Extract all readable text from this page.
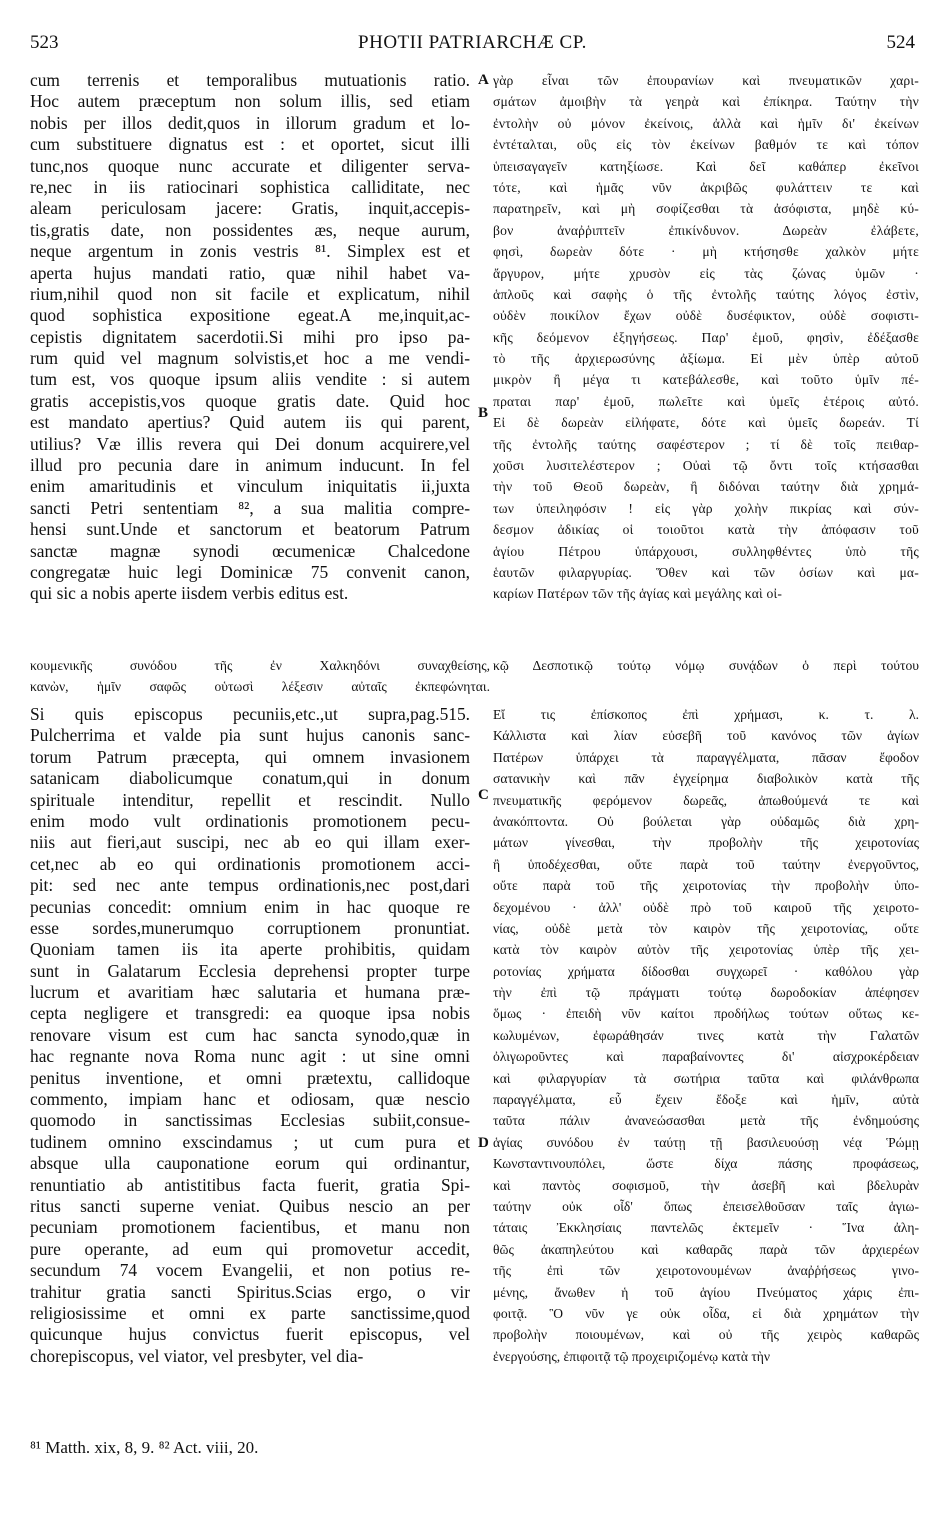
523	PHOTII PATRIARCHÆ CP.	524
cum terrenis et temporalibus mutuationis ratio.
Hoc autem præceptum non solum illis, sed etiam
nobis per illos dedit,quos in illorum gradum et lo-
cum substituere dignatus est : et oportet, sicut illi
tunc,nos quoque nunc accurate et diligenter serva-
re,nec in iis ratiocinari sophistica calliditate, nec
aleam periculosam jacere: Gratis, inquit,accepis-
tis,gratis date, non possidentes æs, neque aurum,
neque argentum in zonis vestris ⁸¹. Simplex est et
aperta hujus mandati ratio, quæ nihil habet va-
rium,nihil quod non sit facile et explicatum, nihil
quod sophistica expositione egeat.A me,inquit,ac-
cepistis dignitatem sacerdotii.Si mihi pro ipso pa-
rum quid vel magnum solvistis,et hoc a me vendi-
tum est, vos quoque ipsum aliis vendite : si autem
gratis accepistis,vos quoque gratis date. Quid hoc
est mandato apertius? Quid autem iis qui parent,
utilius? Væ illis revera qui Dei donum acquirere,vel
illud pro pecunia dare in animum inducunt. In fel
enim amaritudinis et vinculum iniquitatis ii,juxta
sancti Petri sententiam ⁸², a sua malitia compre-
hensi sunt.Unde et sanctorum et beatorum Patrum
sanctæ magnæ synodi œcumenicæ Chalcedone
congregatæ huic legi Dominicæ 75 convenit canon,
qui sic a nobis aperte iisdem verbis editus est.
γὰρ εἶναι τῶν ἐπουρανίων καὶ πνευματικῶν χαρι-
σμάτων ἀμοιβὴν τὰ γεηρὰ καὶ ἐπίκηρα. Ταύτην τὴν
ἐντολὴν οὐ μόνον ἐκείνοις, ἀλλὰ καὶ ἡμῖν δι' ἐκείνων
ἐντέταλται, οὓς εἰς τὸν ἐκείνων βαθμόν τε καὶ τόπον
ὑπεισαγαγεῖν κατηξίωσε. Καὶ δεῖ καθάπερ ἐκεῖνοι
τότε, καὶ ἡμᾶς νῦν ἀκριβῶς φυλάττειν τε καὶ
παρατηρεῖν, καὶ μὴ σοφίζεσθαι τὰ ἀσόφιστα, μηδὲ κύ-
βον ἀναῤῥιπτεῖν ἐπικίνδυνον. Δωρεὰν ἐλάβετε,
φησὶ, δωρεὰν δότε · μὴ κτήσησθε χαλκὸν μήτε
ἄργυρον, μήτε χρυσὸν εἰς τὰς ζώνας ὑμῶν ·
ἁπλοῦς καὶ σαφὴς ὁ τῆς ἐντολῆς ταύτης λόγος ἐστὶν,
οὐδὲν ποικίλον ἔχων οὐδὲ δυσέφικτον, οὐδὲ σοφιστι-
κῆς δεόμενον ἐξηγήσεως. Παρ' ἐμοῦ, φησὶν, ἐδέξασθε
τὸ τῆς ἀρχιερωσύνης ἀξίωμα. Εἰ μὲν ὑπὲρ αὐτοῦ
μικρὸν ἢ μέγα τι κατεβάλεσθε, καὶ τοῦτο ὑμῖν πέ-
πραται παρ' ἐμοῦ, πωλεῖτε καὶ ὑμεῖς ἑτέροις αὐτό.
Εἰ δὲ δωρεὰν εἰλήφατε, δότε καὶ ὑμεῖς δωρεάν. Τί
τῆς ἐντολῆς ταύτης σαφέστερον ; τί δὲ τοῖς πειθαρ-
χοῦσι λυσιτελέστερον ; Οὐαὶ τῷ ὄντι τοῖς κτήσασθαι
τὴν τοῦ Θεοῦ δωρεὰν, ἢ διδόναι ταύτην διὰ χρημά-
των ὑπειληφόσιν ! εἰς γὰρ χολὴν πικρίας καὶ σύν-
δεσμον ἀδικίας οἱ τοιοῦτοι κατὰ τὴν ἀπόφασιν τοῦ
ἁγίου Πέτρου ὑπάρχουσι, συλληφθέντες ὑπὸ τῆς
ἑαυτῶν φιλαργυρίας. Ὅθεν καὶ τῶν ὁσίων καὶ μα-
καρίων Πατέρων τῶν τῆς ἁγίας καὶ μεγάλης καὶ οἰ-
A
B
C
D
κουμενικῆς συνόδου τῆς ἐν Χαλκηδόνι συναχθείσης,
κανὼν, ἡμῖν σαφῶς οὑτωσὶ λέξεσιν αὐταῖς ἐκπεφώνηται.
κῷ Δεσποτικῷ τούτῳ νόμῳ συνᾴδων ὁ περὶ τούτου
Si quis episcopus pecuniis,etc.,ut supra,pag.515.
Pulcherrima et valde pia sunt hujus canonis sanc-
torum Patrum præcepta, qui omnem invasionem
satanicam diabolicumque conatum,qui in donum
spirituale intenditur, repellit et rescindit. Nullo
enim modo vult ordinationis promotionem pecu-
niis aut fieri,aut suscipi, nec ab eo qui illam exer-
cet,nec ab eo qui ordinationis promotionem acci-
pit: sed nec ante tempus ordinationis,nec post,dari
pecunias concedit: omnium enim in hac quoque re
esse sordes,munerumquo corruptionem pronuntiat.
Quoniam tamen iis ita aperte prohibitis, quidam
sunt in Galatarum Ecclesia deprehensi propter turpe
lucrum et avaritiam hæc salutaria et humana præ-
cepta negligere et transgredi: ea quoque ipsa nobis
renovare visum est cum hac sancta synodo,quæ in
hac regnante nova Roma nunc agit : ut sine omni
penitus inventione, et omni prætextu, callidoque
commento, impiam hanc et odiosam, quæ nescio
quomodo in sanctissimas Ecclesias subiit,consue-
tudinem omnino exscindamus ; ut cum pura et
absque ulla cauponatione eorum qui ordinantur,
renuntiatio ab antistitibus facta fuerit, gratia Spi-
ritus sancti superne veniat. Quibus nescio an per
pecuniam promotionem facientibus, et manu non
pure operante, ad eum qui promovetur accedit,
secundum 74 vocem Evangelii, et non potius re-
trahitur gratia sancti Spiritus.Scias ergo, o vir
religiosissime et omni ex parte sanctissime,quod
quicunque hujus convictus fuerit episcopus, vel
chorepiscopus, vel viator, vel presbyter, vel dia-
Εἴ τις ἐπίσκοπος ἐπὶ χρήμασι, κ. τ. λ.
Κάλλιστα καὶ λίαν εὐσεβῆ τοῦ κανόνος τῶν ἁγίων
Πατέρων ὑπάρχει τὰ παραγγέλματα, πᾶσαν ἔφοδον
σατανικὴν καὶ πᾶν ἐγχείρημα διαβολικὸν κατὰ τῆς
πνευματικῆς φερόμενον δωρεᾶς, ἀπωθούμενά τε καὶ
ἀνακόπτοντα. Οὐ βούλεται γὰρ οὐδαμῶς διὰ χρη-
μάτων γίνεσθαι, τὴν προβολὴν τῆς χειροτονίας
ἢ ὑποδέχεσθαι, οὔτε παρὰ τοῦ ταύτην ἐνεργοῦντος,
οὔτε παρὰ τοῦ τῆς χειροτονίας τὴν προβολὴν ὑπο-
δεχομένου · ἀλλ' οὐδὲ πρὸ τοῦ καιροῦ τῆς χειροτο-
νίας, οὐδὲ μετὰ τὸν καιρὸν τῆς χειροτονίας, οὔτε
κατὰ τὸν καιρὸν αὐτὸν τῆς χειροτονίας ὑπὲρ τῆς χει-
ροτονίας χρήματα δίδοσθαι συγχωρεῖ · καθόλου γὰρ
τὴν ἐπὶ τῷ πράγματι τούτῳ δωροδοκίαν ἀπέφησεν
ὅμως · ἐπειδὴ νῦν καίτοι προδήλως τούτων οὕτως κε-
κωλυμένων, ἐφωράθησάν τινες κατὰ τὴν Γαλατῶν
ὀλιγωροῦντες καὶ παραβαίνοντες δι' αἰσχροκέρδειαν
καὶ φιλαργυρίαν τὰ σωτήρια ταῦτα καὶ φιλάνθρωπα
παραγγέλματα, εὖ ἔχειν ἔδοξε καὶ ἡμῖν, αὐτὰ
ταῦτα πάλιν ἀνανεώσασθαι μετὰ τῆς ἐνδημούσης
ἁγίας συνόδου ἐν ταύτῃ τῇ βασιλευούσῃ νέᾳ Ῥώμῃ
Κωνσταντινουπόλει, ὥστε δίχα πάσης προφάσεως,
καὶ παντὸς σοφισμοῦ, τὴν ἀσεβῆ καὶ βδελυρὰν
ταύτην οὐκ οἶδ' ὅπως ἐπεισελθοῦσαν ταῖς ἁγιω-
τάταις Ἐκκλησίαις παντελῶς ἐκτεμεῖν · Ἵνα ἀλη-
θῶς ἀκαπηλεύτου καὶ καθαρᾶς παρὰ τῶν ἀρχιερέων
τῆς ἐπὶ τῶν χειροτονουμένων ἀναῤῥήσεως γινο-
μένης, ἄνωθεν ἡ τοῦ ἁγίου Πνεύματος χάρις ἐπι-
φοιτᾷ. Ὃ νῦν γε οὐκ οἶδα, εἰ διὰ χρημάτων τὴν
προβολὴν ποιουμένων, καὶ οὐ τῆς χειρὸς καθαρῶς
ἐνεργούσης, ἐπιφοιτᾷ τῷ προχειριζομένῳ κατὰ τὴν
⁸¹ Matth. xix, 8, 9. ⁸² Act. viii, 20.
